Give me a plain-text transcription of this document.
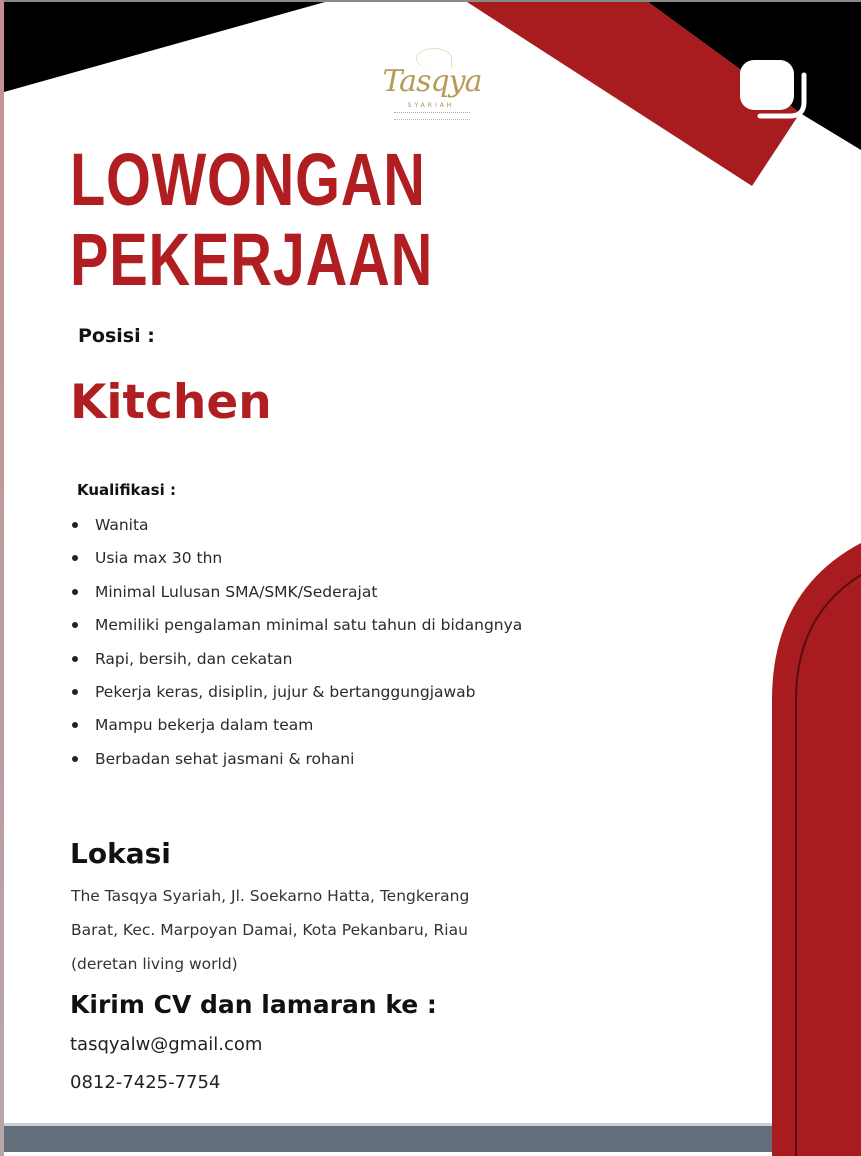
Tasqya
SYARIAH
LOWONGAN
PEKERJAAN
Posisi :
Kitchen
Kualifikasi :
Wanita
Usia max 30 thn
Minimal Lulusan SMA/SMK/Sederajat
Memiliki pengalaman minimal satu tahun di bidangnya
Rapi, bersih, dan cekatan
Pekerja keras, disiplin, jujur & bertanggungjawab
Mampu bekerja dalam team
Berbadan sehat jasmani & rohani
Lokasi
The Tasqya Syariah, Jl. Soekarno Hatta, Tengkerang
Barat, Kec. Marpoyan Damai, Kota Pekanbaru, Riau
(deretan living world)
Kirim CV dan lamaran ke :
tasqyalw@gmail.com
0812-7425-7754
